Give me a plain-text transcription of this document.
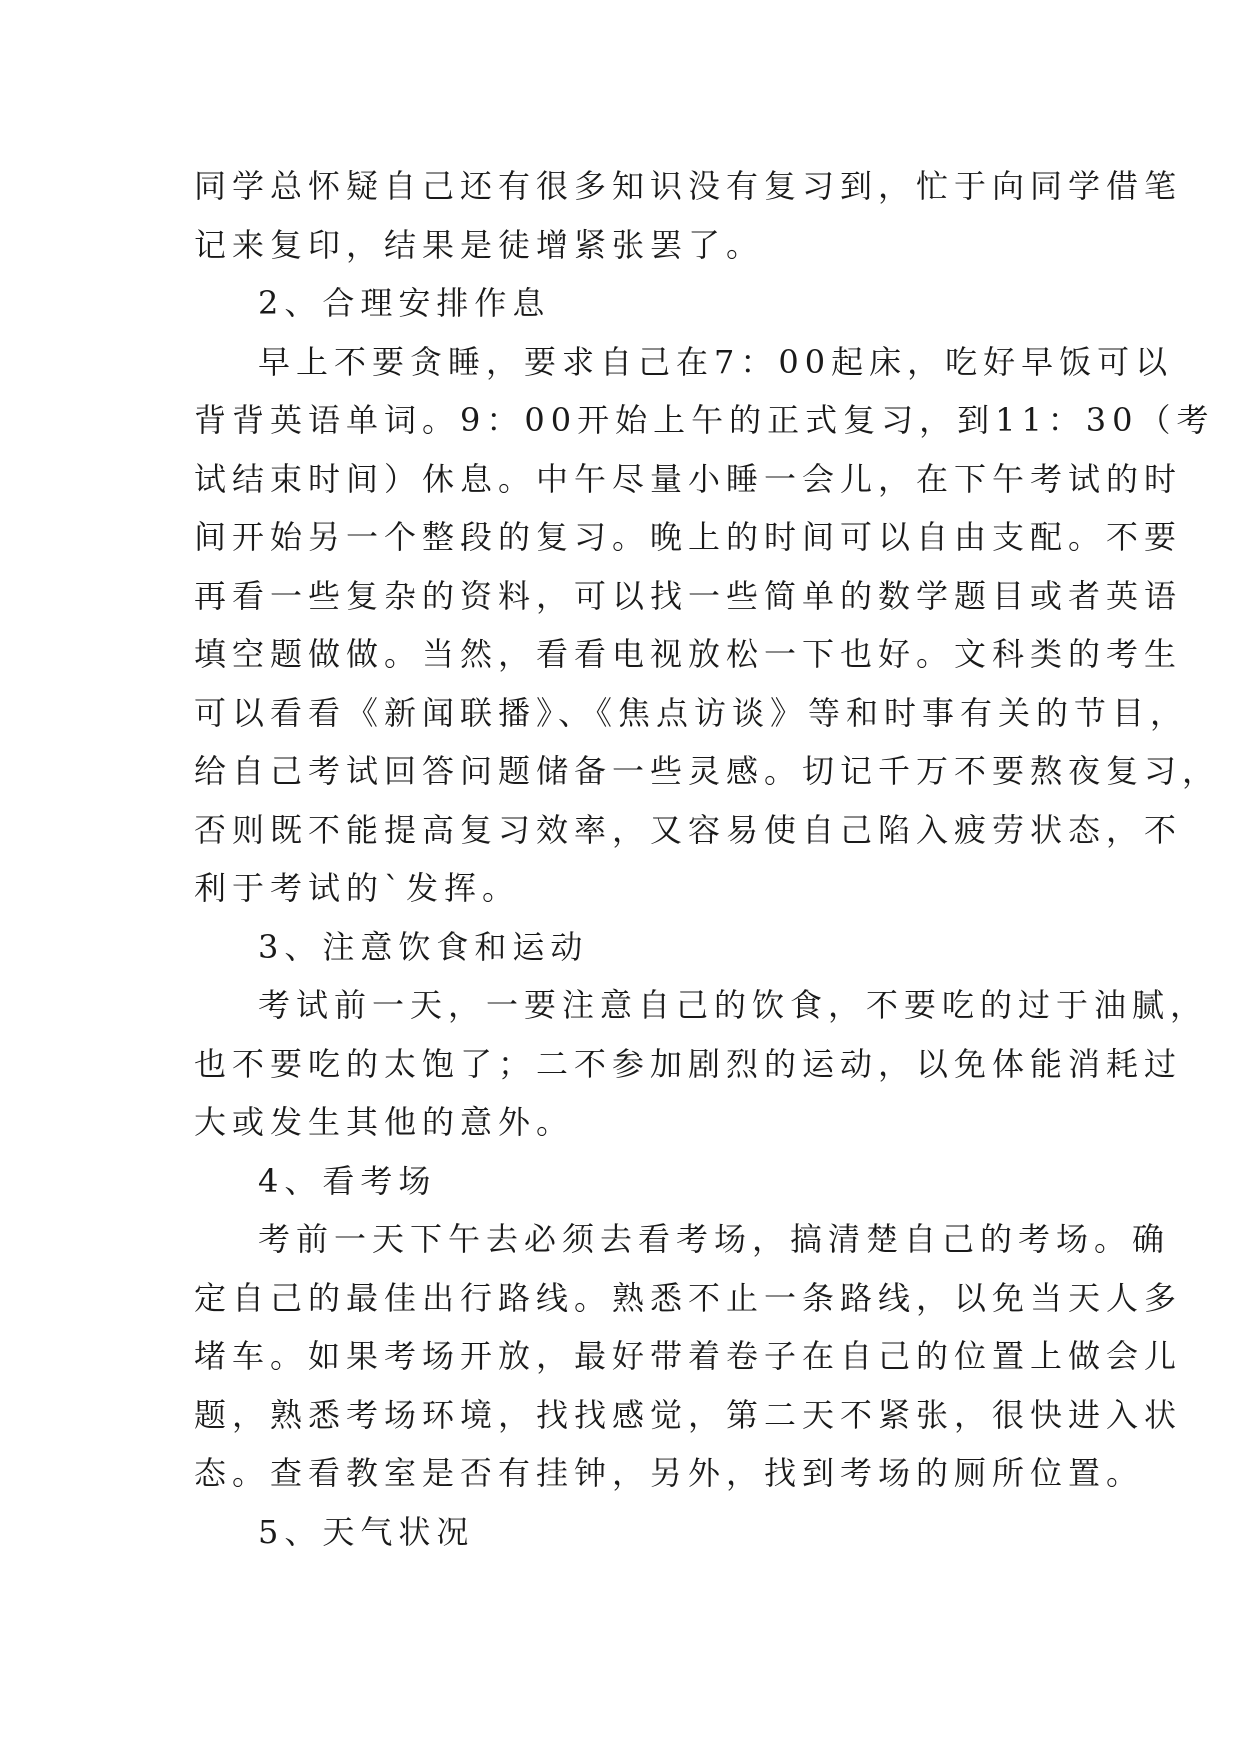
同学总怀疑自己还有很多知识没有复习到，忙于向同学借笔
记来复印，结果是徒增紧张罢了。
2、合理安排作息
早上不要贪睡，要求自己在7：00起床，吃好早饭可以
背背英语单词。9：00开始上午的正式复习，到11：30（考
试结束时间）休息。中午尽量小睡一会儿，在下午考试的时
间开始另一个整段的复习。晚上的时间可以自由支配。不要
再看一些复杂的资料，可以找一些简单的数学题目或者英语
填空题做做。当然，看看电视放松一下也好。文科类的考生
可以看看《新闻联播》、《焦点访谈》等和时事有关的节目，
给自己考试回答问题储备一些灵感。切记千万不要熬夜复习，
否则既不能提高复习效率，又容易使自己陷入疲劳状态，不
利于考试的`发挥。
3、注意饮食和运动
考试前一天，一要注意自己的饮食，不要吃的过于油腻，
也不要吃的太饱了；二不参加剧烈的运动，以免体能消耗过
大或发生其他的意外。
4、看考场
考前一天下午去必须去看考场，搞清楚自己的考场。确
定自己的最佳出行路线。熟悉不止一条路线，以免当天人多
堵车。如果考场开放，最好带着卷子在自己的位置上做会儿
题，熟悉考场环境，找找感觉，第二天不紧张，很快进入状
态。查看教室是否有挂钟，另外，找到考场的厕所位置。
5、天气状况
